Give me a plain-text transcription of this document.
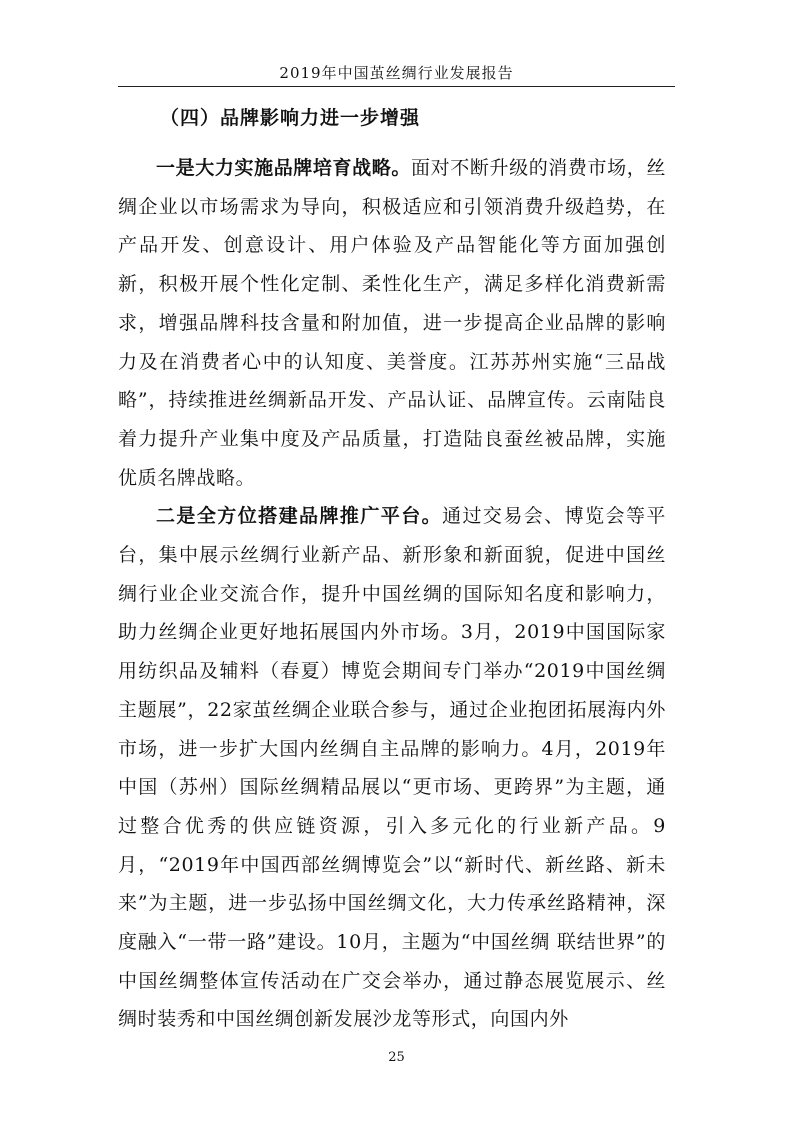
2019年中国茧丝绸行业发展报告
（四）品牌影响力进一步增强

一是大力实施品牌培育战略。面对不断升级的消费市场，丝绸企业以市场需求为导向，积极适应和引领消费升级趋势，在产品开发、创意设计、用户体验及产品智能化等方面加强创新，积极开展个性化定制、柔性化生产，满足多样化消费新需求，增强品牌科技含量和附加值，进一步提高企业品牌的影响力及在消费者心中的认知度、美誉度。江苏苏州实施“三品战略”，持续推进丝绸新品开发、产品认证、品牌宣传。云南陆良着力提升产业集中度及产品质量，打造陆良蚕丝被品牌，实施优质名牌战略。

二是全方位搭建品牌推广平台。通过交易会、博览会等平台，集中展示丝绸行业新产品、新形象和新面貌，促进中国丝绸行业企业交流合作，提升中国丝绸的国际知名度和影响力，助力丝绸企业更好地拓展国内外市场。3月，2019中国国际家用纺织品及辅料（春夏）博览会期间专门举办“2019中国丝绸主题展”，22家茧丝绸企业联合参与，通过企业抱团拓展海内外市场，进一步扩大国内丝绸自主品牌的影响力。4月，2019年中国（苏州）国际丝绸精品展以“更市场、更跨界”为主题，通过整合优秀的供应链资源，引入多元化的行业新产品。9月，“2019年中国西部丝绸博览会”以“新时代、新丝路、新未来”为主题，进一步弘扬中国丝绸文化，大力传承丝路精神，深度融入“一带一路”建设。10月，主题为“中国丝绸 联结世界”的中国丝绸整体宣传活动在广交会举办，通过静态展览展示、丝绸时装秀和中国丝绸创新发展沙龙等形式，向国内外

25
